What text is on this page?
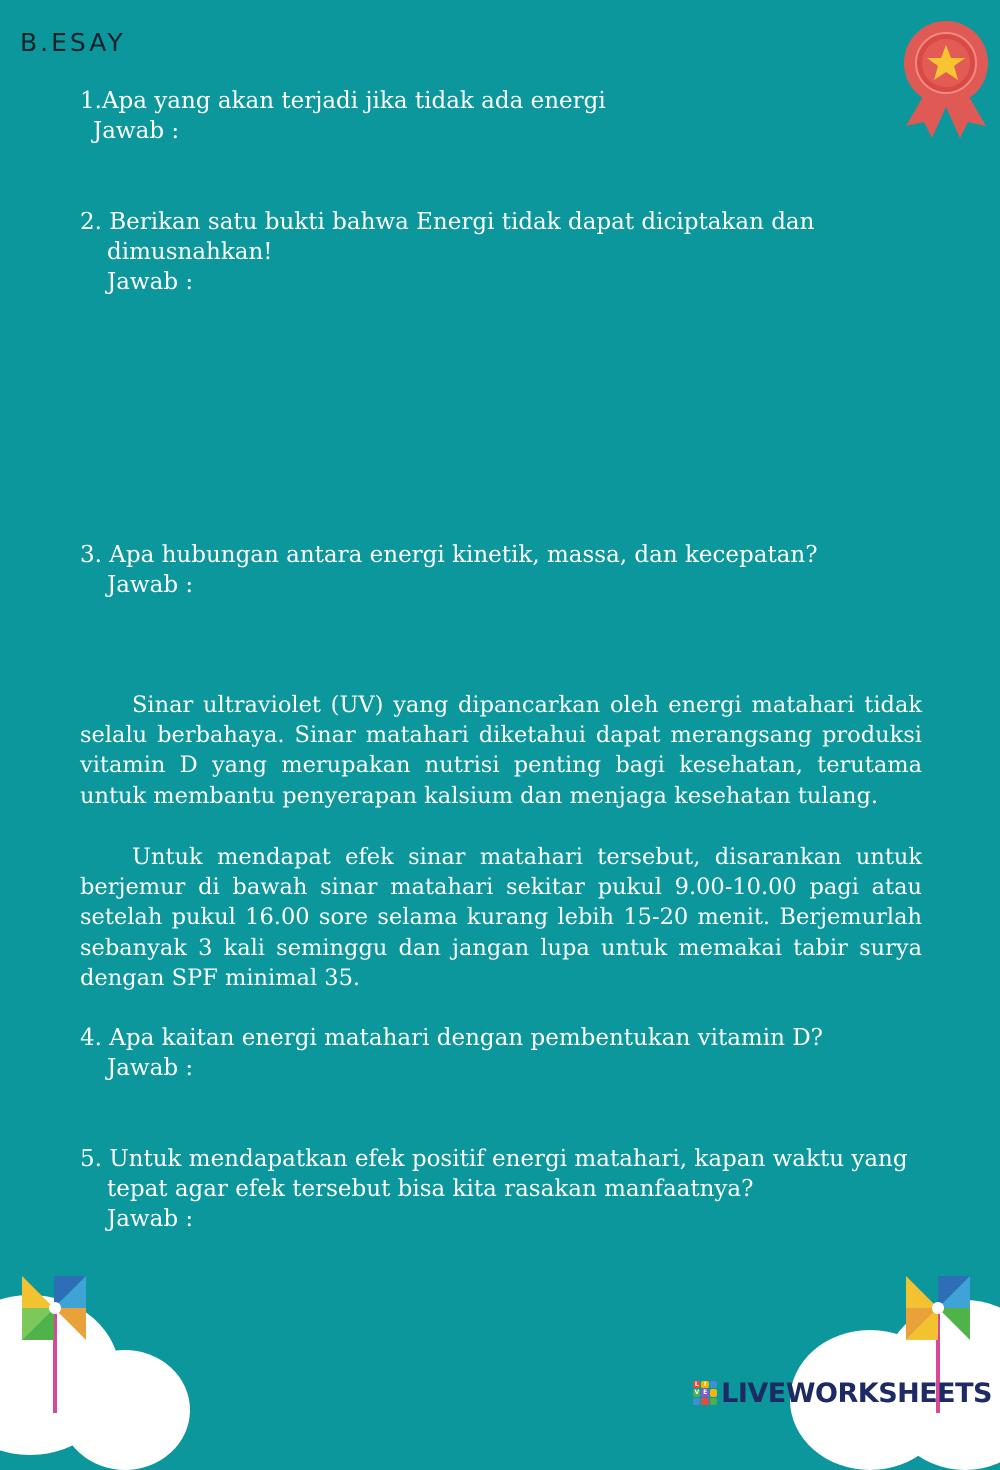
B.ESAY
1.Apa yang akan terjadi jika tidak ada energi
Jawab :
2. Berikan satu bukti bahwa Energi tidak dapat diciptakan dan
dimusnahkan!
Jawab :
3. Apa hubungan antara energi kinetik, massa, dan kecepatan?
Jawab :

Sinar ultraviolet (UV) yang dipancarkan oleh energi matahari tidak selalu berbahaya. Sinar matahari diketahui dapat merangsang produksi vitamin D yang merupakan nutrisi penting bagi kesehatan, terutama untuk membantu penyerapan kalsium dan menjaga kesehatan tulang.

Untuk mendapat efek sinar matahari tersebut, disarankan untuk berjemur di bawah sinar matahari sekitar pukul 9.00-10.00 pagi atau setelah pukul 16.00 sore selama kurang lebih 15-20 menit. Berjemurlah sebanyak 3 kali seminggu dan jangan lupa untuk memakai tabir surya dengan SPF minimal 35.

4. Apa kaitan energi matahari dengan pembentukan vitamin D?
Jawab :
5. Untuk mendapatkan efek positif energi matahari, kapan waktu yang
tepat agar efek tersebut bisa kita rasakan manfaatnya?
Jawab :
L I
V E LIVEWORKSHEETS
